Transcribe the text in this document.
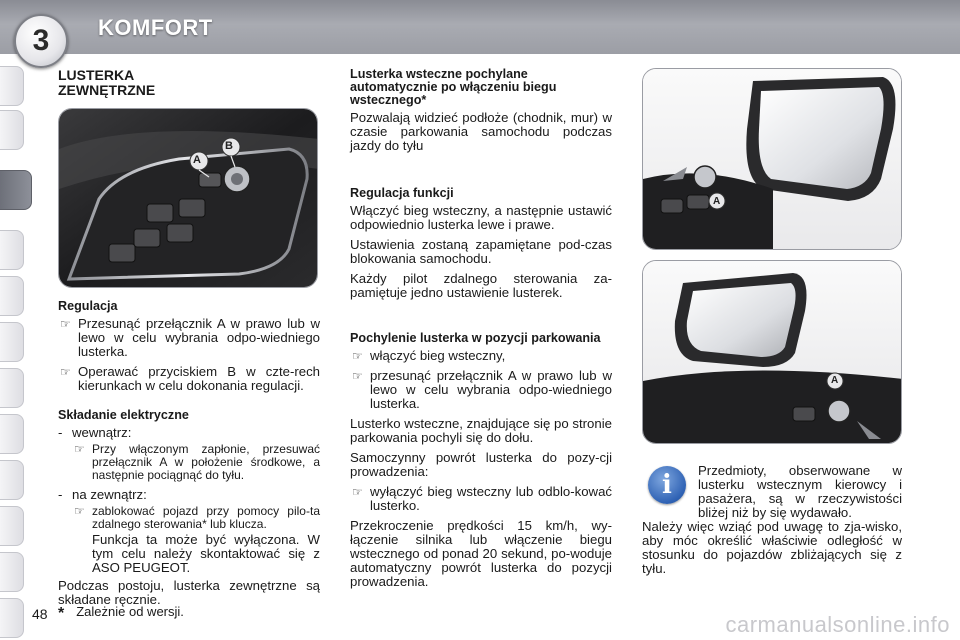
3 KOMFORT
LUSTERKA
ZEWNĘTRZNE
A
B
Regulacja
☞ Przesunąć przełącznik A w prawo lub w lewo w celu wybrania odpo-wiedniego lusterka.
☞ Operawać przyciskiem B w czte-rech kierunkach w celu dokonania regulacji.
Składanie elektryczne
- wewnątrz:
☞ Przy włączonym zapłonie, przesuwać przełącznik A w położenie środkowe, a następnie pociągnąć do tyłu.
- na zewnątrz:
☞ zablokować pojazd przy pomocy pilo-ta zdalnego sterowania* lub klucza.

Funkcja ta może być wyłączona. W tym celu należy skontaktować się z ASO PEUGEOT.

Podczas postoju, lusterka zewnętrzne są składane ręcznie.

Lusterka wsteczne pochylane automatycznie po włączeniu biegu wstecznego*

Pozwalają widzieć podłoże (chodnik, mur) w czasie parkowania samochodu podczas jazdy do tyłu

Regulacja funkcji

Włączyć bieg wsteczny, a następnie ustawić odpowiednio lusterka lewe i prawe.

Ustawienia zostaną zapamiętane pod-czas blokowania samochodu.

Każdy pilot zdalnego sterowania za-pamiętuje jedno ustawienie lusterek.

Pochylenie lusterka w pozycji parkowania
☞ włączyć bieg wsteczny,
☞ przesunąć przełącznik A w prawo lub w lewo w celu wybrania odpo-wiedniego lusterka.

Lusterko wsteczne, znajdujące się po stronie parkowania pochyli się do dołu.

Samoczynny powrót lusterka do pozy-cji prowadzenia:

☞ wyłączyć bieg wsteczny lub odblo-kować lusterko.

Przekroczenie prędkości 15 km/h, wy-łączenie silnika lub włączenie biegu wstecznego od ponad 20 sekund, po-woduje automatyczny powrót lusterka do pozycji prowadzenia.

A
A
i	Przedmioty, obserwowane w lusterku wstecznym kierowcy i pasażera, są w rzeczywistości bliżej niż by się wydawało.

Należy więc wziąć pod uwagę to zja-wisko, aby móc określić właściwie odległość w stosunku do pojazdów zbliżających się z tyłu.

48 * Zależnie od wersji.
carmanualsonline.info
